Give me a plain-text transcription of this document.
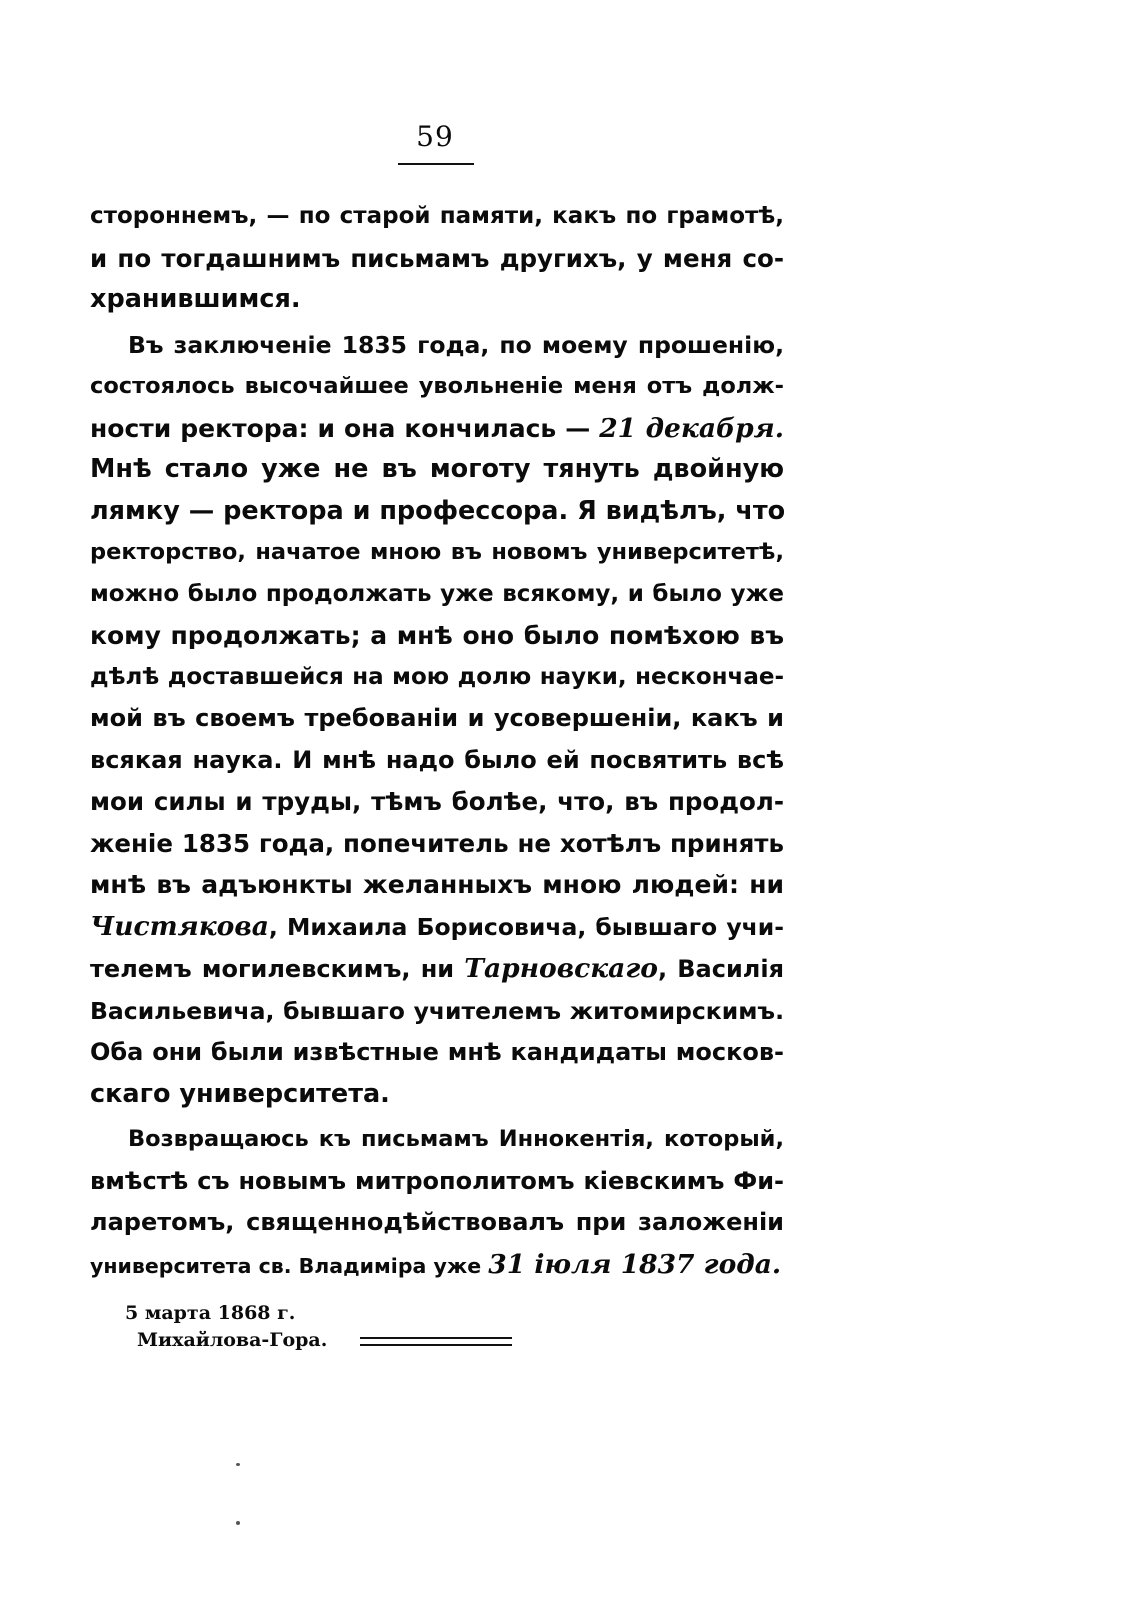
59
стороннемъ, — по старой памяти, какъ по грамотѣ,
и по тогдашнимъ письмамъ другихъ, у меня со-
хранившимся.
Въ заключеніе 1835 года, по моему прошенію,
состоялось высочайшее увольненіе меня отъ долж-
ности ректора: и она кончилась — 21 декабря.
Мнѣ стало уже не въ моготу тянуть двойную
лямку — ректора и профессора. Я видѣлъ, что
ректорство, начатое мною въ новомъ университетѣ,
можно было продолжать уже всякому, и было уже
кому продолжать; а мнѣ оно было помѣхою въ
дѣлѣ доставшейся на мою долю науки, нескончае-
мой въ своемъ требованіи и усовершеніи, какъ и
всякая наука. И мнѣ надо было ей посвятить всѣ
мои силы и труды, тѣмъ болѣе, что, въ продол-
женіе 1835 года, попечитель не хотѣлъ принять
мнѣ въ адъюнкты желанныхъ мною людей: ни
Чистякова, Михаила Борисовича, бывшаго учи-
телемъ могилевскимъ, ни Тарновскаго, Василія
Васильевича, бывшаго учителемъ житомирскимъ.
Оба они были извѣстные мнѣ кандидаты москов-
скаго университета.
Возвращаюсь къ письмамъ Иннокентія, который,
вмѣстѣ съ новымъ митрополитомъ кіевскимъ Фи-
ларетомъ, священнодѣйствовалъ при заложеніи
университета св. Владиміра уже 31 іюля 1837 года.
5 марта 1868 г.
Михайлова-Гора.
